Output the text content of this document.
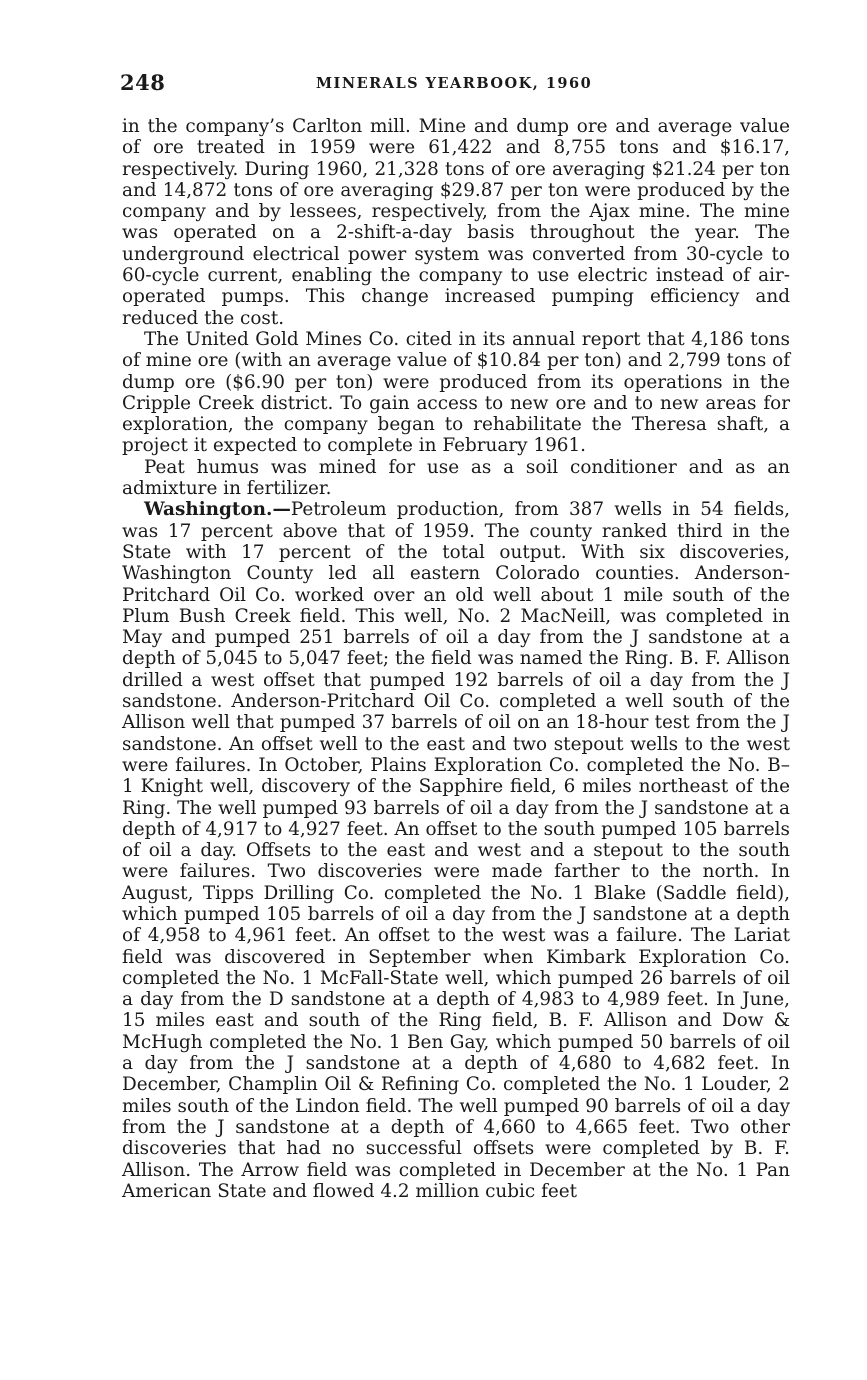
248	MINERALS YEARBOOK, 1960

in the company’s Carlton mill. Mine and dump ore and average value of ore treated in 1959 were 61,422 and 8,755 tons and $16.17, respectively. During 1960, 21,328 tons of ore averaging $21.24 per ton and 14,872 tons of ore averaging $29.87 per ton were produced by the company and by lessees, respectively, from the Ajax mine. The mine was operated on a 2-shift-a-day basis throughout the year. The underground electrical power system was converted from 30-cycle to 60-cycle current, enabling the company to use electric instead of air-operated pumps. This change increased pumping efficiency and reduced the cost.

The United Gold Mines Co. cited in its annual report that 4,186 tons of mine ore (with an average value of $10.84 per ton) and 2,799 tons of dump ore ($6.90 per ton) were produced from its operations in the Cripple Creek district. To gain access to new ore and to new areas for exploration, the company began to rehabilitate the Theresa shaft, a project it expected to complete in February 1961.

Peat humus was mined for use as a soil conditioner and as an admixture in fertilizer.

Washington.—Petroleum production, from 387 wells in 54 fields, was 17 percent above that of 1959. The county ranked third in the State with 17 percent of the total output. With six discoveries, Washington County led all eastern Colorado counties. Anderson-Pritchard Oil Co. worked over an old well about 1 mile south of the Plum Bush Creek field. This well, No. 2 MacNeill, was completed in May and pumped 251 barrels of oil a day from the J sandstone at a depth of 5,045 to 5,047 feet; the field was named the Ring. B. F. Allison drilled a west offset that pumped 192 barrels of oil a day from the J sandstone. Anderson-Pritchard Oil Co. completed a well south of the Allison well that pumped 37 barrels of oil on an 18-hour test from the J sandstone. An offset well to the east and two stepout wells to the west were failures. In October, Plains Exploration Co. completed the No. B–1 Knight well, discovery of the Sapphire field, 6 miles northeast of the Ring. The well pumped 93 barrels of oil a day from the J sandstone at a depth of 4,917 to 4,927 feet. An offset to the south pumped 105 barrels of oil a day. Offsets to the east and west and a stepout to the south were failures. Two discoveries were made farther to the north. In August, Tipps Drilling Co. completed the No. 1 Blake (Saddle field), which pumped 105 barrels of oil a day from the J sandstone at a depth of 4,958 to 4,961 feet. An offset to the west was a failure. The Lariat field was discovered in September when Kimbark Exploration Co. completed the No. 1 McFall-State well, which pumped 26 barrels of oil a day from the D sandstone at a depth of 4,983 to 4,989 feet. In June, 15 miles east and south of the Ring field, B. F. Allison and Dow & McHugh completed the No. 1 Ben Gay, which pumped 50 barrels of oil a day from the J sandstone at a depth of 4,680 to 4,682 feet. In December, Champlin Oil & Refining Co. completed the No. 1 Louder, 2 miles south of the Lindon field. The well pumped 90 barrels of oil a day from the J sandstone at a depth of 4,660 to 4,665 feet. Two other discoveries that had no successful offsets were completed by B. F. Allison. The Arrow field was completed in December at the No. 1 Pan American State and flowed 4.2 million cubic feet
